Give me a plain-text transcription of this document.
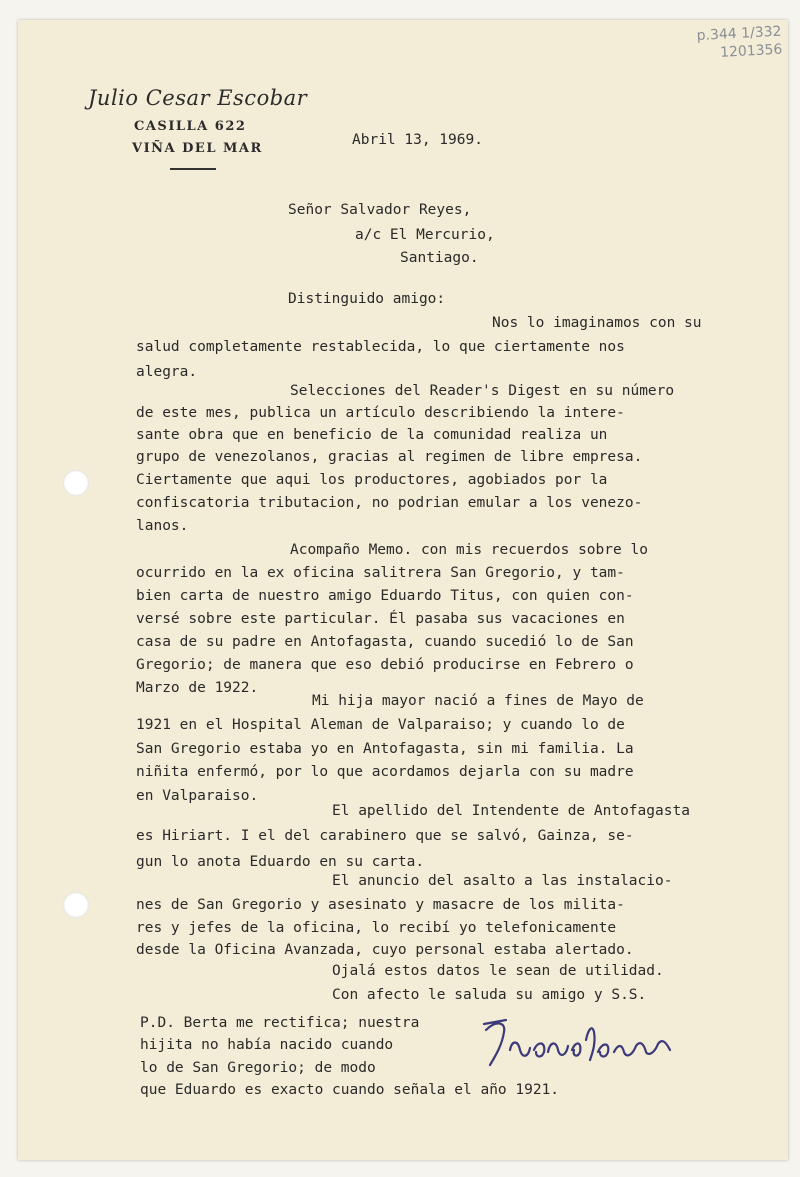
p.344 1/332
1201356
Julio Cesar Escobar
CASILLA 622
VIÑA DEL MAR
Abril 13, 1969.
Señor Salvador Reyes,
a/c El Mercurio,
Santiago.
Distinguido amigo:
Nos lo imaginamos con su
salud completamente restablecida, lo que ciertamente nos
alegra.
Selecciones del Reader's Digest en su número
de este mes, publica un artículo describiendo la intere-
sante obra que en beneficio de la comunidad realiza un
grupo de venezolanos, gracias al regimen de libre empresa.
Ciertamente que aqui los productores, agobiados por la
confiscatoria tributacion, no podrian emular a los venezo-
lanos.
Acompaño Memo. con mis recuerdos sobre lo
ocurrido en la ex oficina salitrera San Gregorio, y tam-
bien carta de nuestro amigo Eduardo Titus, con quien con-
versé sobre este particular. Él pasaba sus vacaciones en
casa de su padre en Antofagasta, cuando sucedió lo de San
Gregorio; de manera que eso debió producirse en Febrero o
Marzo de 1922.
Mi hija mayor nació a fines de Mayo de
1921 en el Hospital Aleman de Valparaiso; y cuando lo de
San Gregorio estaba yo en Antofagasta, sin mi familia. La
niñita enfermó, por lo que acordamos dejarla con su madre
en Valparaiso.
El apellido del Intendente de Antofagasta
es Hiriart. I el del carabinero que se salvó, Gainza, se-
gun lo anota Eduardo en su carta.
El anuncio del asalto a las instalacio-
nes de San Gregorio y asesinato y masacre de los milita-
res y jefes de la oficina, lo recibí yo telefonicamente
desde la Oficina Avanzada, cuyo personal estaba alertado.
Ojalá estos datos le sean de utilidad.
Con afecto le saluda su amigo y S.S.
P.D. Berta me rectifica; nuestra
hijita no había nacido cuando
lo de San Gregorio; de modo
que Eduardo es exacto cuando señala el año 1921.
